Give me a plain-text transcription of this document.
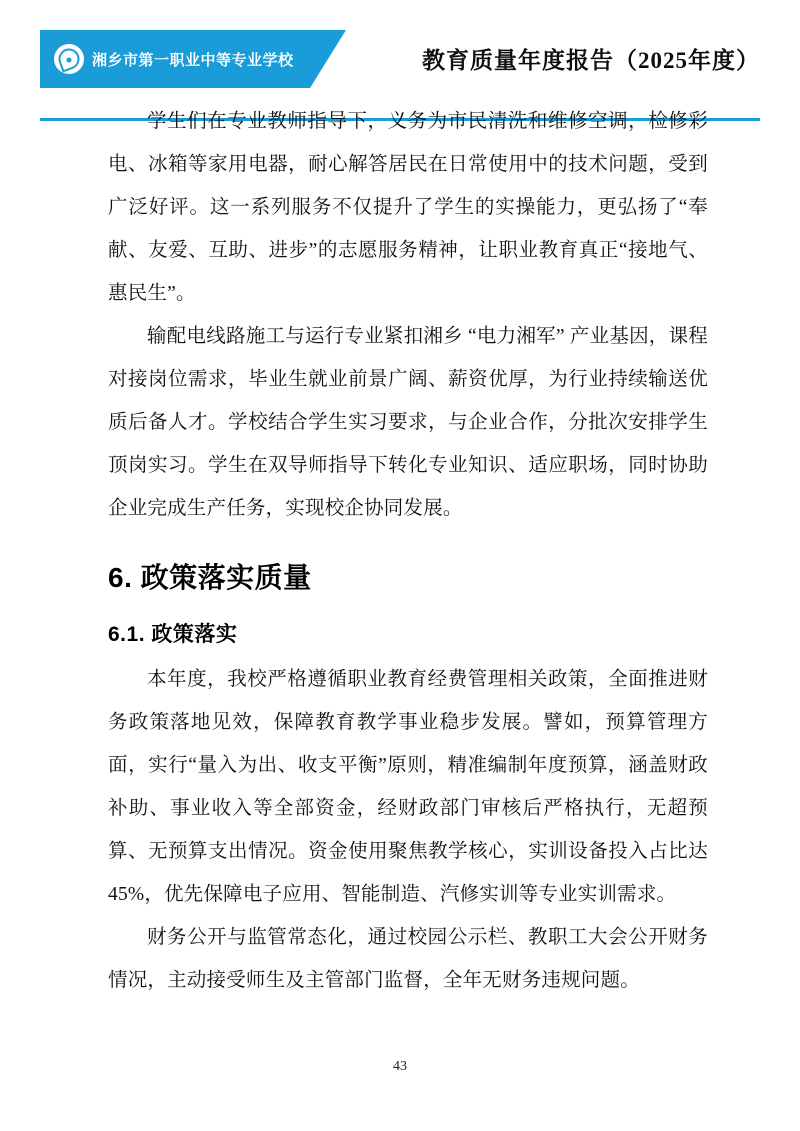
湘乡市第一职业中等专业学校	教育质量年度报告（2025年度）

学生们在专业教师指导下，义务为市民清洗和维修空调，检修彩电、冰箱等家用电器，耐心解答居民在日常使用中的技术问题，受到广泛好评。这一系列服务不仅提升了学生的实操能力，更弘扬了“奉献、友爱、互助、进步”的志愿服务精神，让职业教育真正“接地气、惠民生”。

输配电线路施工与运行专业紧扣湘乡 “电力湘军” 产业基因，课程对接岗位需求，毕业生就业前景广阔、薪资优厚，为行业持续输送优质后备人才。学校结合学生实习要求，与企业合作，分批次安排学生顶岗实习。学生在双导师指导下转化专业知识、适应职场，同时协助企业完成生产任务，实现校企协同发展。

6. 政策落实质量
6.1. 政策落实

本年度，我校严格遵循职业教育经费管理相关政策，全面推进财务政策落地见效，保障教育教学事业稳步发展。譬如，预算管理方面，实行“量入为出、收支平衡”原则，精准编制年度预算，涵盖财政补助、事业收入等全部资金，经财政部门审核后严格执行，无超预算、无预算支出情况。资金使用聚焦教学核心，实训设备投入占比达 45%，优先保障电子应用、智能制造、汽修实训等专业实训需求。

财务公开与监管常态化，通过校园公示栏、教职工大会公开财务情况，主动接受师生及主管部门监督，全年无财务违规问题。

43
